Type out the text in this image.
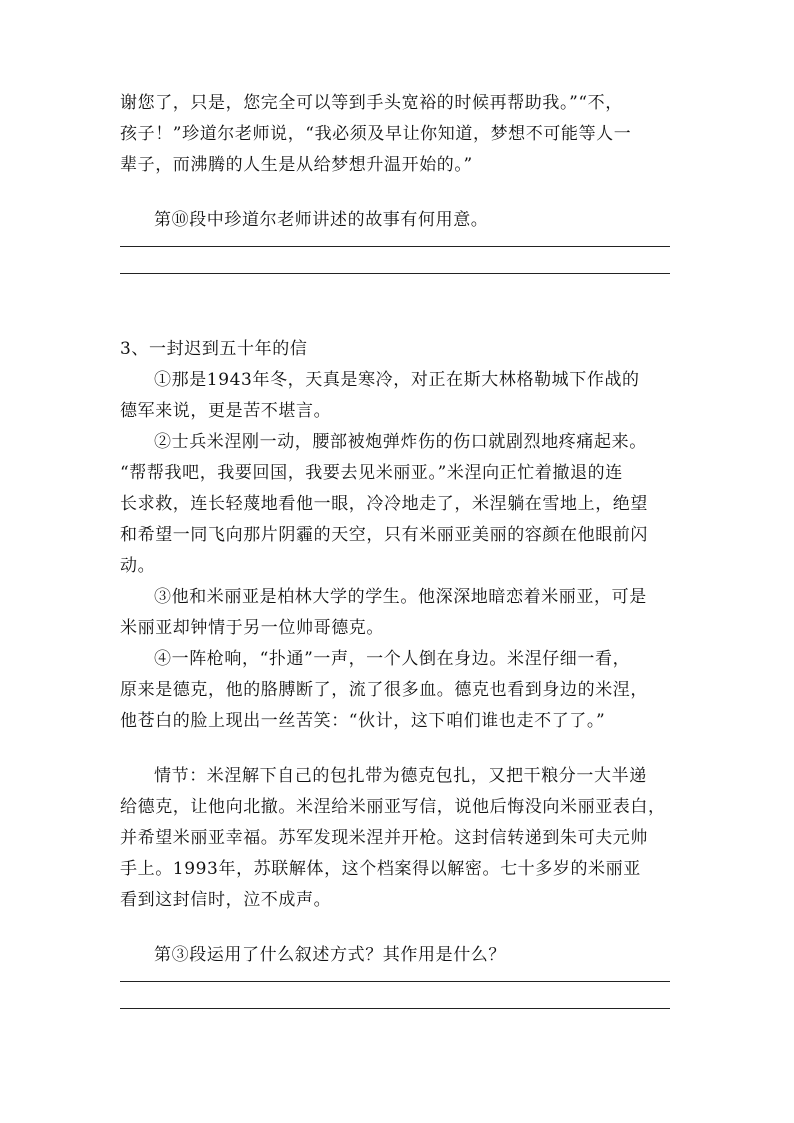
谢您了，只是，您完全可以等到手头宽裕的时候再帮助我。”“不，

孩子！”珍道尔老师说，“我必须及早让你知道，梦想不可能等人一

辈子，而沸腾的人生是从给梦想升温开始的。”

第⑩段中珍道尔老师讲述的故事有何用意。

3、一封迟到五十年的信

①那是1943年冬，天真是寒冷，对正在斯大林格勒城下作战的

德军来说，更是苦不堪言。

②士兵米涅刚一动，腰部被炮弹炸伤的伤口就剧烈地疼痛起来。

“帮帮我吧，我要回国，我要去见米丽亚。”米涅向正忙着撤退的连

长求救，连长轻蔑地看他一眼，冷冷地走了，米涅躺在雪地上，绝望

和希望一同飞向那片阴霾的天空，只有米丽亚美丽的容颜在他眼前闪

动。

③他和米丽亚是柏林大学的学生。他深深地暗恋着米丽亚，可是

米丽亚却钟情于另一位帅哥德克。

④一阵枪响，“扑通”一声，一个人倒在身边。米涅仔细一看，

原来是德克，他的胳膊断了，流了很多血。德克也看到身边的米涅，

他苍白的脸上现出一丝苦笑：“伙计，这下咱们谁也走不了了。”

情节：米涅解下自己的包扎带为德克包扎，又把干粮分一大半递

给德克，让他向北撤。米涅给米丽亚写信，说他后悔没向米丽亚表白，

并希望米丽亚幸福。苏军发现米涅并开枪。这封信转递到朱可夫元帅

手上。1993年，苏联解体，这个档案得以解密。七十多岁的米丽亚

看到这封信时，泣不成声。

第③段运用了什么叙述方式？其作用是什么？
